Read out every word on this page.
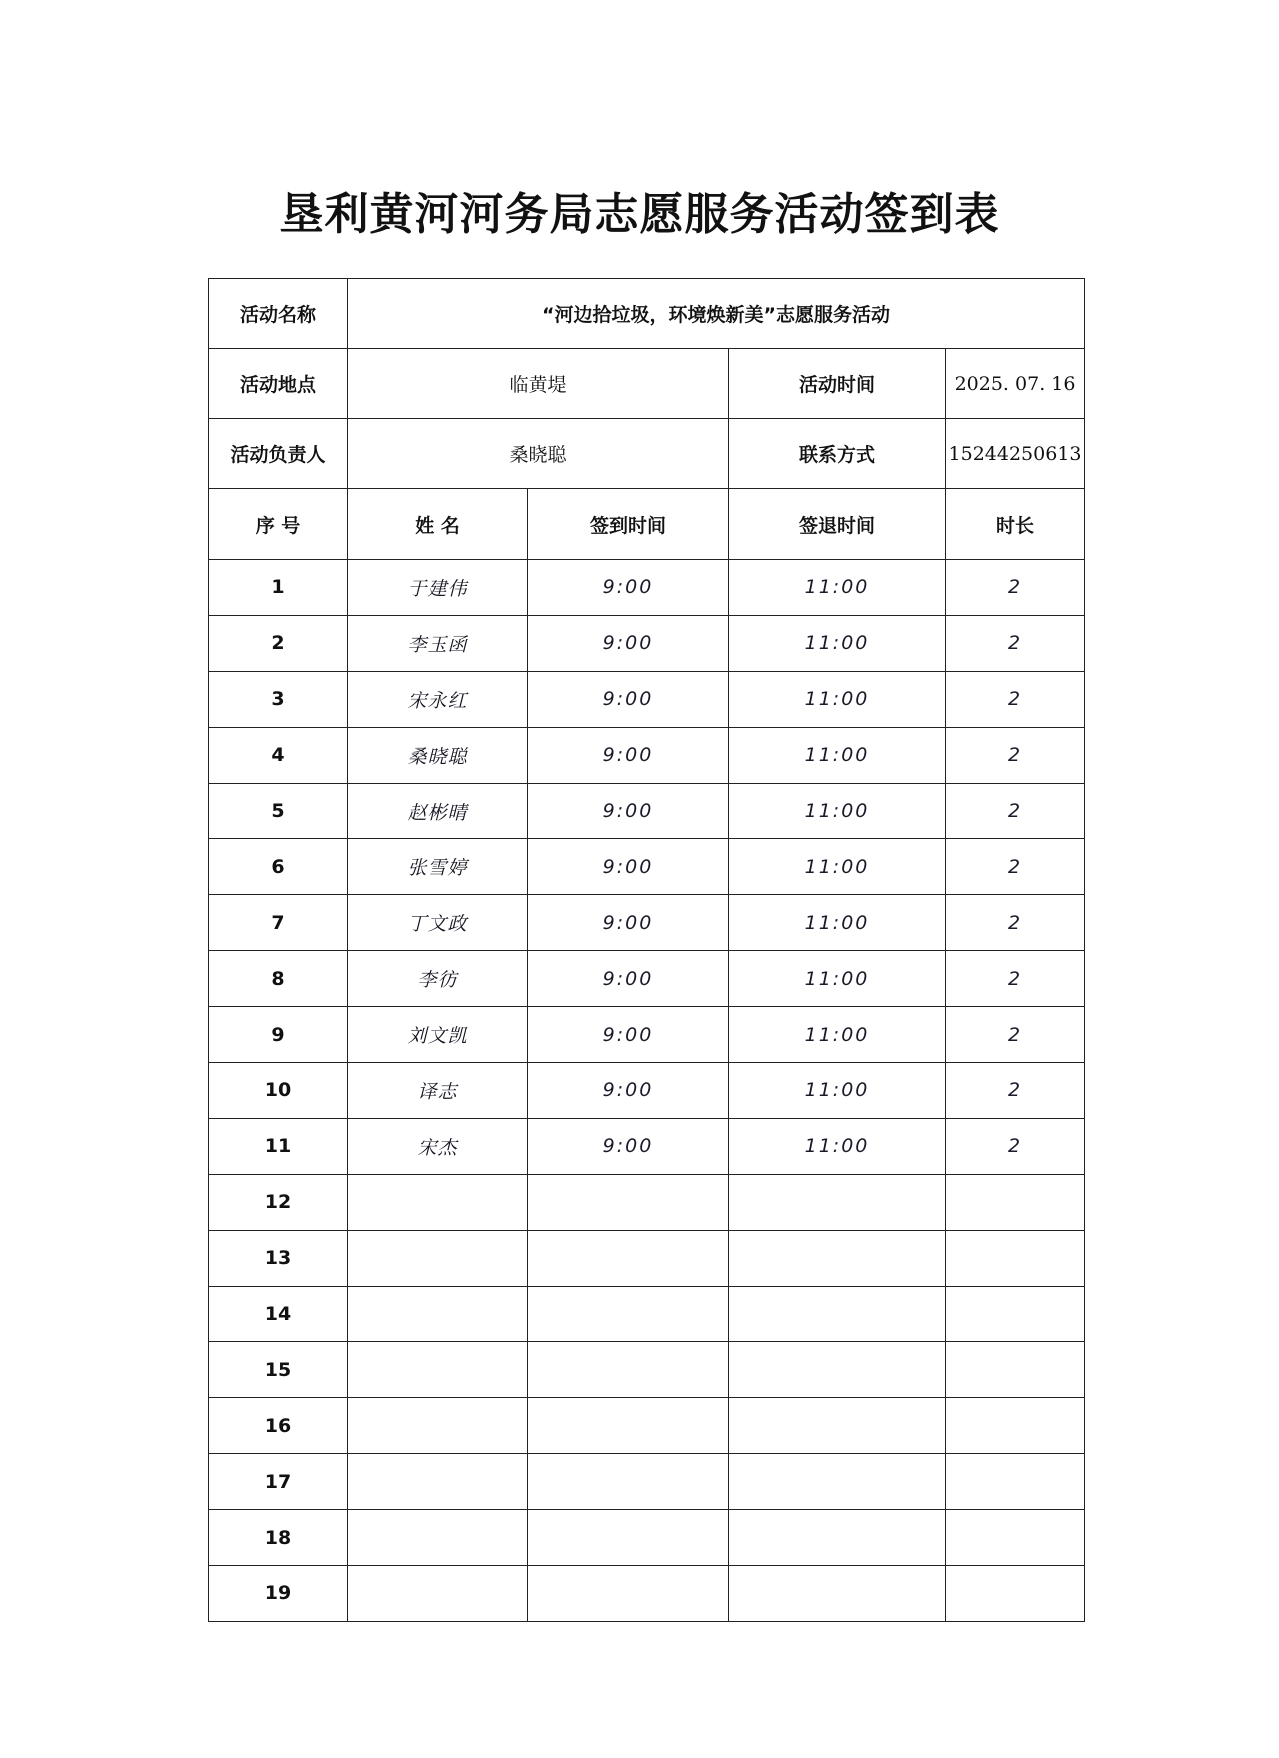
垦利黄河河务局志愿服务活动签到表
活动名称	“河边拾垃圾，环境焕新美”志愿服务活动			
活动地点	临黄堤		活动时间	2025. 07. 16
活动负责人	桑晓聪		联系方式	15244250613
序 号	姓 名	签到时间	签退时间	时长
1	于建伟	9:00	11:00	2
2	李玉函	9:00	11:00	2
3	宋永红	9:00	11:00	2
4	桑晓聪	9:00	11:00	2
5	赵彬晴	9:00	11:00	2
6	张雪婷	9:00	11:00	2
7	丁文政	9:00	11:00	2
8	李彷	9:00	11:00	2
9	刘文凯	9:00	11:00	2
10	译志	9:00	11:00	2
11	宋杰	9:00	11:00	2
12				
13				
14				
15				
16				
17				
18				
19				
